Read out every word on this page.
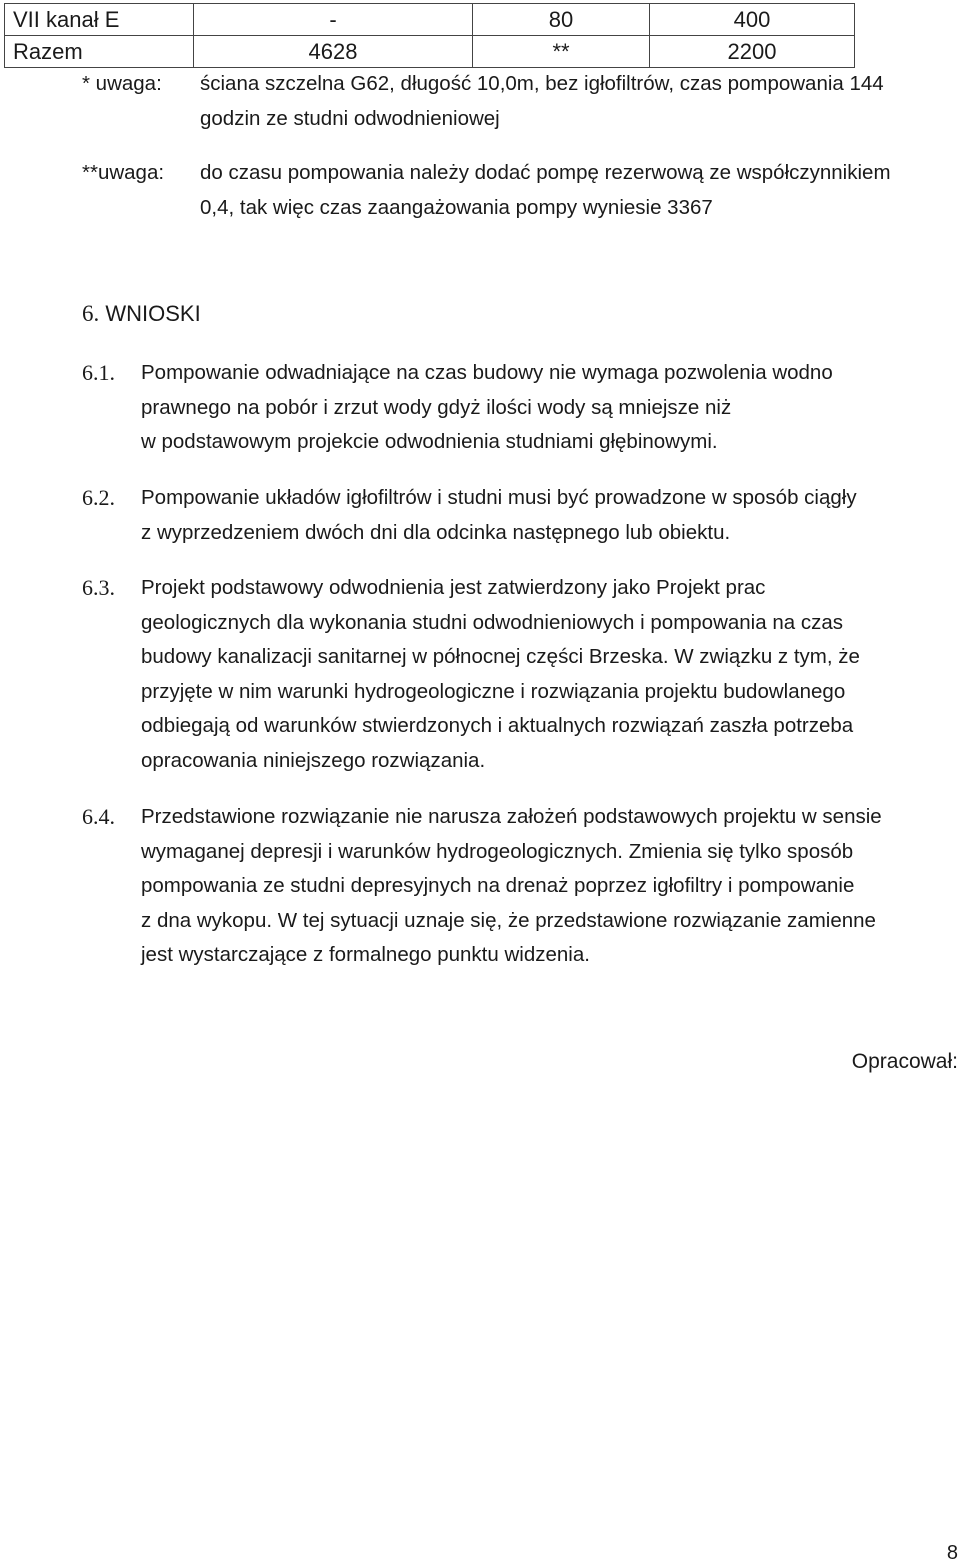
VII kanał E	-	80	400
Razem	4628	**	2200
* uwaga: ściana szczelna G62, długość 10,0m, bez igłofiltrów, czas pompowania 144
godzin ze studni odwodnieniowej
**uwaga: do czasu pompowania należy dodać pompę rezerwową ze współczynnikiem
0,4, tak więc czas zaangażowania pompy wyniesie 3367
6. WNIOSKI
6.1. Pompowanie odwadniające na czas budowy nie wymaga pozwolenia wodno
prawnego na pobór i zrzut wody gdyż ilości wody są mniejsze niż
w podstawowym projekcie odwodnienia studniami głębinowymi.
6.2. Pompowanie układów igłofiltrów i studni musi być prowadzone w sposób ciągły
z wyprzedzeniem dwóch dni dla odcinka następnego lub obiektu.
6.3. Projekt podstawowy odwodnienia jest zatwierdzony jako Projekt prac
geologicznych dla wykonania studni odwodnieniowych i pompowania na czas
budowy kanalizacji sanitarnej w północnej części Brzeska. W związku z tym, że
przyjęte w nim warunki hydrogeologiczne i rozwiązania projektu budowlanego
odbiegają od warunków stwierdzonych i aktualnych rozwiązań zaszła potrzeba
opracowania niniejszego rozwiązania.
6.4. Przedstawione rozwiązanie nie narusza założeń podstawowych projektu w sensie
wymaganej depresji i warunków hydrogeologicznych. Zmienia się tylko sposób
pompowania ze studni depresyjnych na drenaż poprzez igłofiltry i pompowanie
z dna wykopu. W tej sytuacji uznaje się, że przedstawione rozwiązanie zamienne
jest wystarczające z formalnego punktu widzenia.
Opracował:
8
